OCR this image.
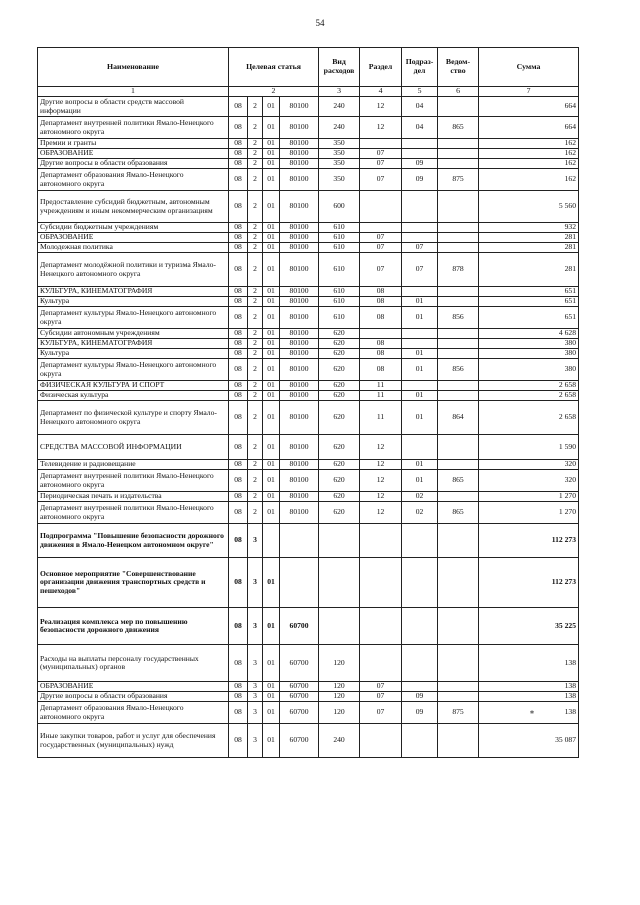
54
Наименование	Целевая статья				Вид расходов	Раздел	Подраз-дел	Ведом-ство	Сумма
1	2				3	4	5	6	7
Другие вопросы в области средств массовой информации	08	2	01	80100	240	12	04		664
Департамент внутренней политики Ямало-Ненецкого автономного округа	08	2	01	80100	240	12	04	865	664
Премии и гранты	08	2	01	80100	350				162
ОБРАЗОВАНИЕ	08	2	01	80100	350	07			162
Другие вопросы в области образования	08	2	01	80100	350	07	09		162
Департамент образования Ямало-Ненецкого автономного округа	08	2	01	80100	350	07	09	875	162
Предоставление субсидий бюджетным, автономным учреждениям и иным некоммерческим организациям	08	2	01	80100	600				5 560
Субсидии бюджетным учреждениям	08	2	01	80100	610				932
ОБРАЗОВАНИЕ	08	2	01	80100	610	07			281
Молодежная политика	08	2	01	80100	610	07	07		281
Департамент молодёжной политики и туризма Ямало-Ненецкого автономного округа	08	2	01	80100	610	07	07	878	281
КУЛЬТУРА, КИНЕМАТОГРАФИЯ	08	2	01	80100	610	08			651
Культура	08	2	01	80100	610	08	01		651
Департамент культуры Ямало-Ненецкого автономного округа	08	2	01	80100	610	08	01	856	651
Субсидии автономным учреждениям	08	2	01	80100	620				4 628
КУЛЬТУРА, КИНЕМАТОГРАФИЯ	08	2	01	80100	620	08			380
Культура	08	2	01	80100	620	08	01		380
Департамент культуры Ямало-Ненецкого автономного округа	08	2	01	80100	620	08	01	856	380
ФИЗИЧЕСКАЯ КУЛЬТУРА И СПОРТ	08	2	01	80100	620	11			2 658
Физическая культура	08	2	01	80100	620	11	01		2 658
Департамент по физической культуре и спорту Ямало-Ненецкого автономного округа	08	2	01	80100	620	11	01	864	2 658
СРЕДСТВА МАССОВОЙ ИНФОРМАЦИИ	08	2	01	80100	620	12			1 590
Телевидение и радиовещание	08	2	01	80100	620	12	01		320
Департамент внутренней политики Ямало-Ненецкого автономного округа	08	2	01	80100	620	12	01	865	320
Периодическая печать и издательства	08	2	01	80100	620	12	02		1 270
Департамент внутренней политики Ямало-Ненецкого автономного округа	08	2	01	80100	620	12	02	865	1 270
Подпрограмма "Повышение безопасности дорожного движения в Ямало-Ненецком автономном округе"	08	3							112 273
Основное мероприятие "Совершенствование организации движения транспортных средств и пешеходов"	08	3	01						112 273
Реализация комплекса мер по повышению безопасности дорожного движения	08	3	01	60700					35 225
Расходы на выплаты персоналу государственных (муниципальных) органов	08	3	01	60700	120				138
ОБРАЗОВАНИЕ	08	3	01	60700	120	07			138
Другие вопросы в области образования	08	3	01	60700	120	07	09		138
Департамент образования Ямало-Ненецкого автономного округа	08	3	01	60700	120	07	09	875	138
Иные закупки товаров, работ и услуг для обеспечения государственных (муниципальных) нужд	08	3	01	60700	240				35 087
⁎
